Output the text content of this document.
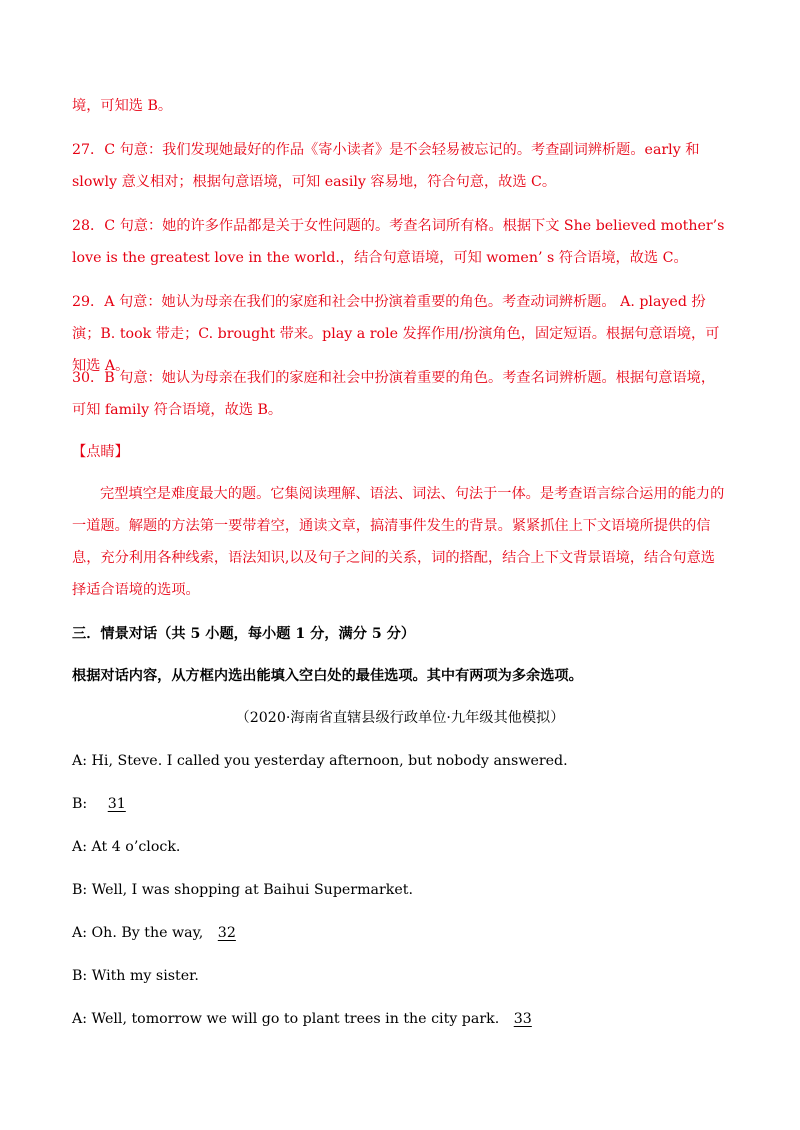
境，可知选 B。

27．C 句意：我们发现她最好的作品《寄小读者》是不会轻易被忘记的。考查副词辨析题。early 和 slowly 意义相对；根据句意语境，可知 easily 容易地，符合句意，故选 C。

28．C 句意：她的许多作品都是关于女性问题的。考查名词所有格。根据下文 She believed mother’s love is the greatest love in the world.，结合句意语境，可知 women’ s 符合语境，故选 C。

29．A 句意：她认为母亲在我们的家庭和社会中扮演着重要的角色。考查动词辨析题。 A. played 扮演；B. took 带走；C. brought 带来。play a role 发挥作用/扮演角色，固定短语。根据句意语境，可知选 A。

30．B 句意：她认为母亲在我们的家庭和社会中扮演着重要的角色。考查名词辨析题。根据句意语境，可知 family 符合语境，故选 B。

【点睛】

完型填空是难度最大的题。它集阅读理解、语法、词法、句法于一体。是考查语言综合运用的能力的一道题。解题的方法第一要带着空，通读文章，搞清事件发生的背景。紧紧抓住上下文语境所提供的信息，充分利用各种线索，语法知识,以及句子之间的关系，词的搭配，结合上下文背景语境，结合句意选择适合语境的选项。

三．情景对话（共 5 小题，每小题 1 分，满分 5 分）

根据对话内容，从方框内选出能填入空白处的最佳选项。其中有两项为多余选项。

（2020·海南省直辖县级行政单位·九年级其他模拟）

A: Hi, Steve. I called you yesterday afternoon, but nobody answered.

B: 31

A: At 4 o’clock.

B: Well, I was shopping at Baihui Supermarket.

A: Oh. By the way, 32

B: With my sister.

A: Well, tomorrow we will go to plant trees in the city park. 33
